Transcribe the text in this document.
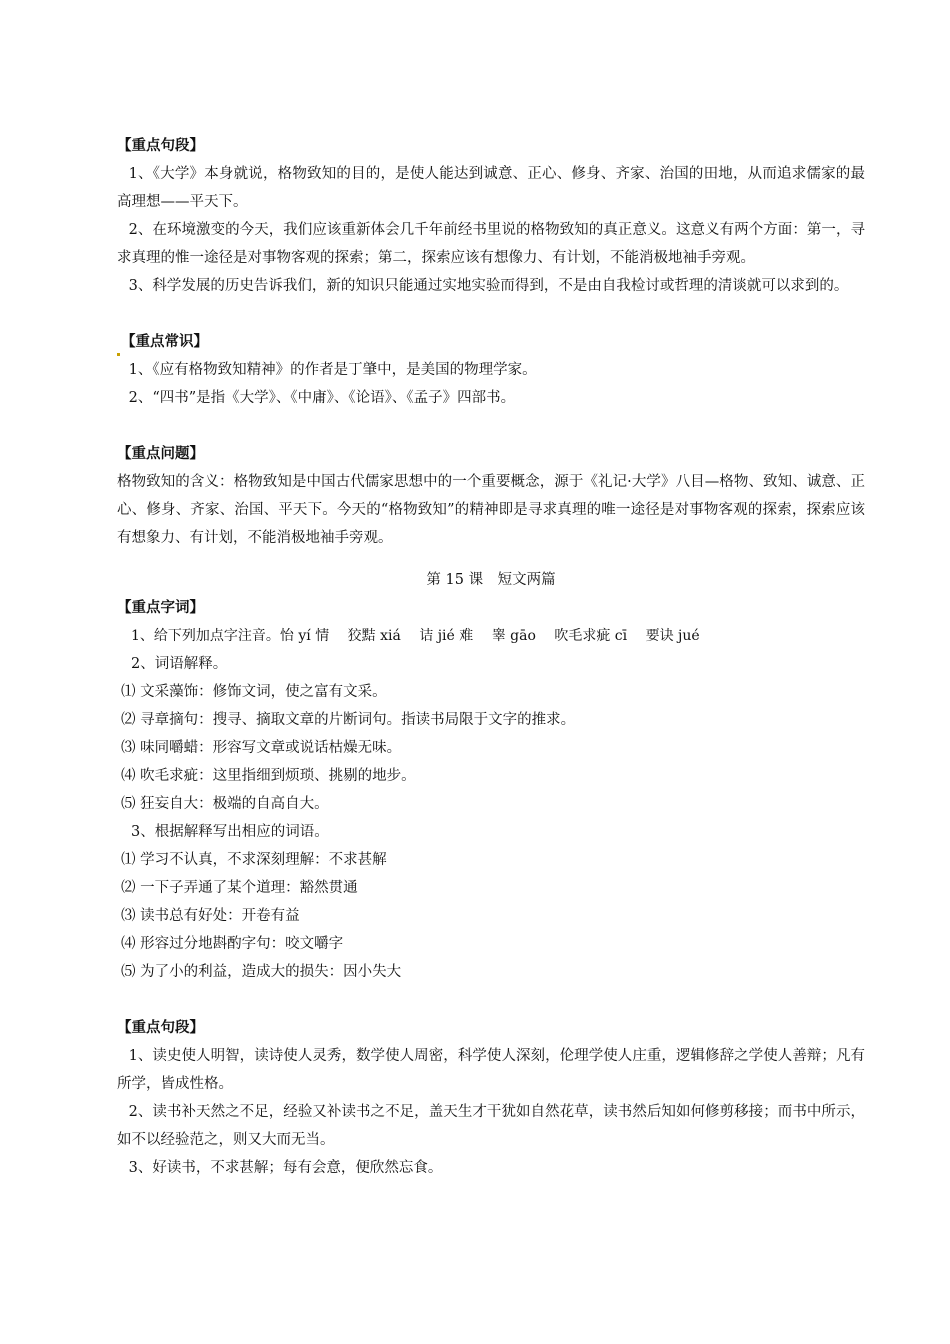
【重点句段】

1、《大学》本身就说，格物致知的目的，是使人能达到诚意、正心、修身、齐家、治国的田地，从而追求儒家的最高理想——平天下。

2、在环境激变的今天，我们应该重新体会几千年前经书里说的格物致知的真正意义。这意义有两个方面：第一，寻求真理的惟一途径是对事物客观的探索；第二，探索应该有想像力、有计划，不能消极地袖手旁观。

3、科学发展的历史告诉我们，新的知识只能通过实地实验而得到，不是由自我检讨或哲理的清谈就可以求到的。

【重点常识】

1、《应有格物致知精神》的作者是丁肇中，是美国的物理学家。

2、“四书”是指《大学》、《中庸》、《论语》、《孟子》四部书。

【重点问题】

格物致知的含义：格物致知是中国古代儒家思想中的一个重要概念，源于《礼记·大学》八目—格物、致知、诚意、正心、修身、齐家、治国、平天下。今天的“格物致知”的精神即是寻求真理的唯一途径是对事物客观的探索，探索应该有想象力、有计划，不能消极地袖手旁观。

第 15 课　短文两篇

【重点字词】

1、给下列加点字注音。怡 yí 情　 狡黠 xiá　 诘 jié 难　 睾 gāo　 吹毛求疵 cī　 要诀 jué

2、词语解释。

⑴ 文采藻饰：修饰文词，使之富有文采。

⑵ 寻章摘句：搜寻、摘取文章的片断词句。指读书局限于文字的推求。

⑶ 味同嚼蜡：形容写文章或说话枯燥无味。

⑷ 吹毛求疵：这里指细到烦琐、挑剔的地步。

⑸ 狂妄自大：极端的自高自大。

3、根据解释写出相应的词语。

⑴ 学习不认真，不求深刻理解：不求甚解

⑵ 一下子弄通了某个道理：豁然贯通

⑶ 读书总有好处：开卷有益

⑷ 形容过分地斟酌字句：咬文嚼字

⑸ 为了小的利益，造成大的损失：因小失大

【重点句段】

1、读史使人明智，读诗使人灵秀，数学使人周密，科学使人深刻，伦理学使人庄重，逻辑修辞之学使人善辩；凡有所学，皆成性格。

2、读书补天然之不足，经验又补读书之不足，盖天生才干犹如自然花草，读书然后知如何修剪移接；而书中所示，如不以经验范之，则又大而无当。

3、好读书，不求甚解；每有会意，便欣然忘食。
